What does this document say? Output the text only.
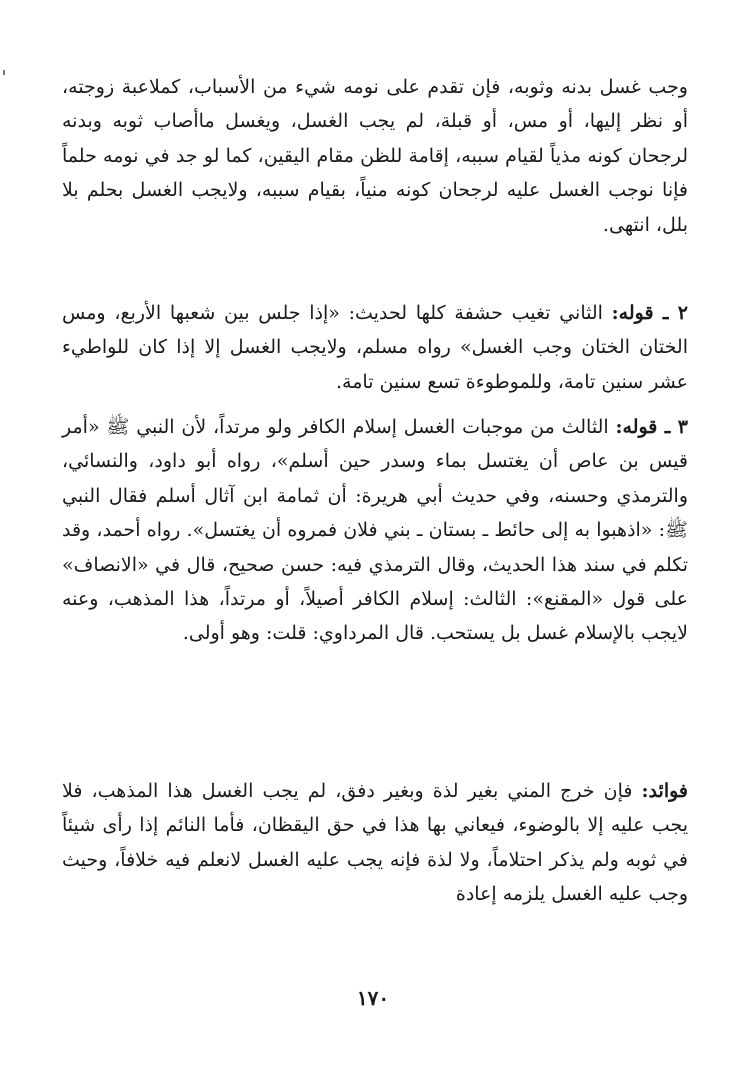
وجب غسل بدنه وثوبه، فإن تقدم على نومه شيء من الأسباب، كملاعبة زوجته، أو نظر إليها، أو مس، أو قبلة، لم يجب الغسل، ويغسل ماأصاب ثوبه وبدنه لرجحان كونه مذياً لقيام سببه، إقامة للظن مقام اليقين، كما لو جد في نومه حلماً فإنا نوجب الغسل عليه لرجحان كونه منياً، بقيام سببه، ولايجب الغسل بحلم بلا بلل، انتهى.

٢ ـ قوله: الثاني تغيب حشفة كلها لحديث: «إذا جلس بين شعبها الأربع، ومس الختان الختان وجب الغسل» رواه مسلم، ولايجب الغسل إلا إذا كان للواطيء عشر سنين تامة، وللموطوءة تسع سنين تامة.

٣ ـ قوله: الثالث من موجبات الغسل إسلام الكافر ولو مرتداً، لأن النبي ﷺ «أمر قيس بن عاص أن يغتسل بماء وسدر حين أسلم»، رواه أبو داود، والنسائي، والترمذي وحسنه، وفي حديث أبي هريرة: أن ثمامة ابن آثال أسلم فقال النبي ﷺ: «اذهبوا به إلى حائط ـ بستان ـ بني فلان فمروه أن يغتسل». رواه أحمد، وقد تكلم في سند هذا الحديث، وقال الترمذي فيه: حسن صحيح، قال في «الانصاف» على قول «المقنع»: الثالث: إسلام الكافر أصيلاً، أو مرتداً، هذا المذهب، وعنه لايجب بالإسلام غسل بل يستحب. قال المرداوي: قلت: وهو أولى.

فوائد: فإن خرج المني بغير لذة وبغير دفق، لم يجب الغسل هذا المذهب، فلا يجب عليه إلا بالوضوء، فيعاني بها هذا في حق اليقظان، فأما النائم إذا رأى شيئاً في ثوبه ولم يذكر احتلاماً، ولا لذة فإنه يجب عليه الغسل لانعلم فيه خلافاً، وحيث وجب عليه الغسل يلزمه إعادة

١٧٠
